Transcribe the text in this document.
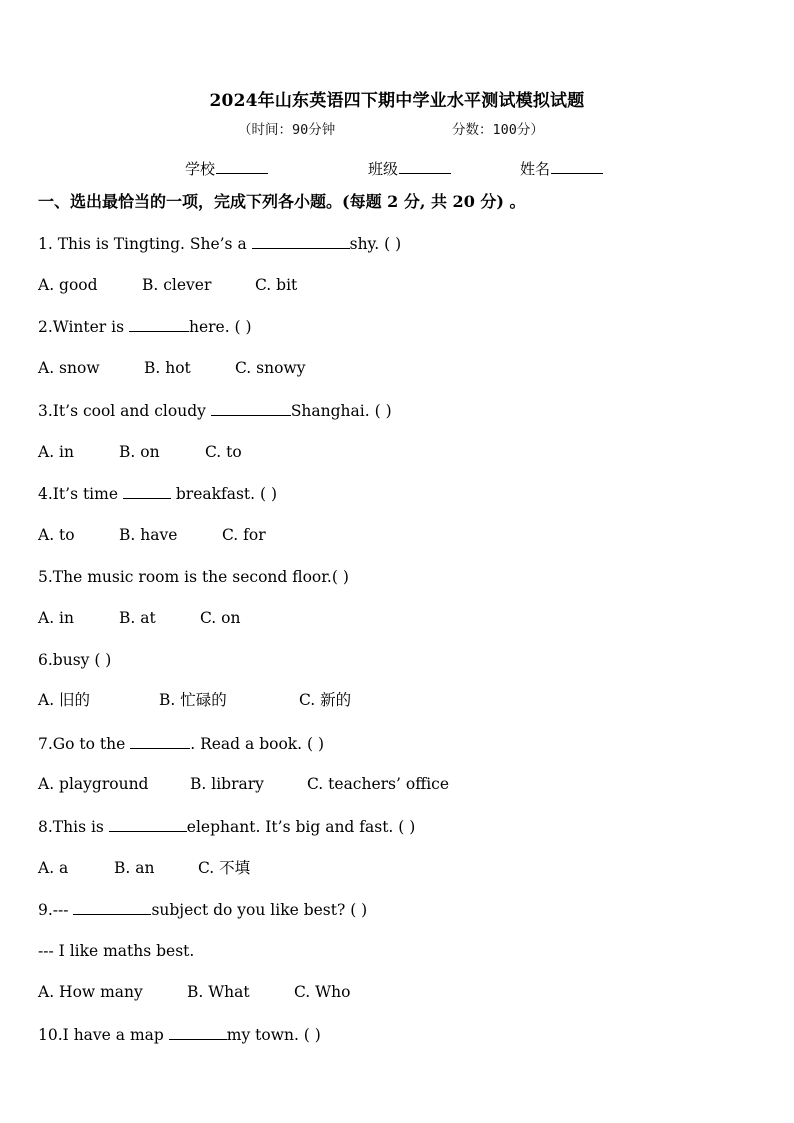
2024年山东英语四下期中学业水平测试模拟试题
（时间：90分钟	分数：100分）
学校	班级	姓名
一、选出最恰当的一项，完成下列各小题。(每题 2 分, 共 20 分) 。
1. This is Tingting. She’s a	shy. ( )
A. good	B. clever	C. bit
2.Winter is	here. ( )
A. snow	B. hot	C. snowy
3.It’s cool and cloudy	Shanghai. ( )
A. in	B. on	C. to
4.It’s time	breakfast. ( )
A. to	B. have	C. for
5.The music room is the second floor.( )
A. in	B. at	C. on
6.busy ( )
A. 旧的	B. 忙碌的	C. 新的
7.Go to the	. Read a book. ( )
A. playground	B. library	C. teachers’ office
8.This is	elephant. It’s big and fast. ( )
A. a	B. an	C. 不填
9.---	subject do you like best? ( )
--- I like maths best.
A. How many	B. What	C. Who
10.I have a map	my town. ( )
